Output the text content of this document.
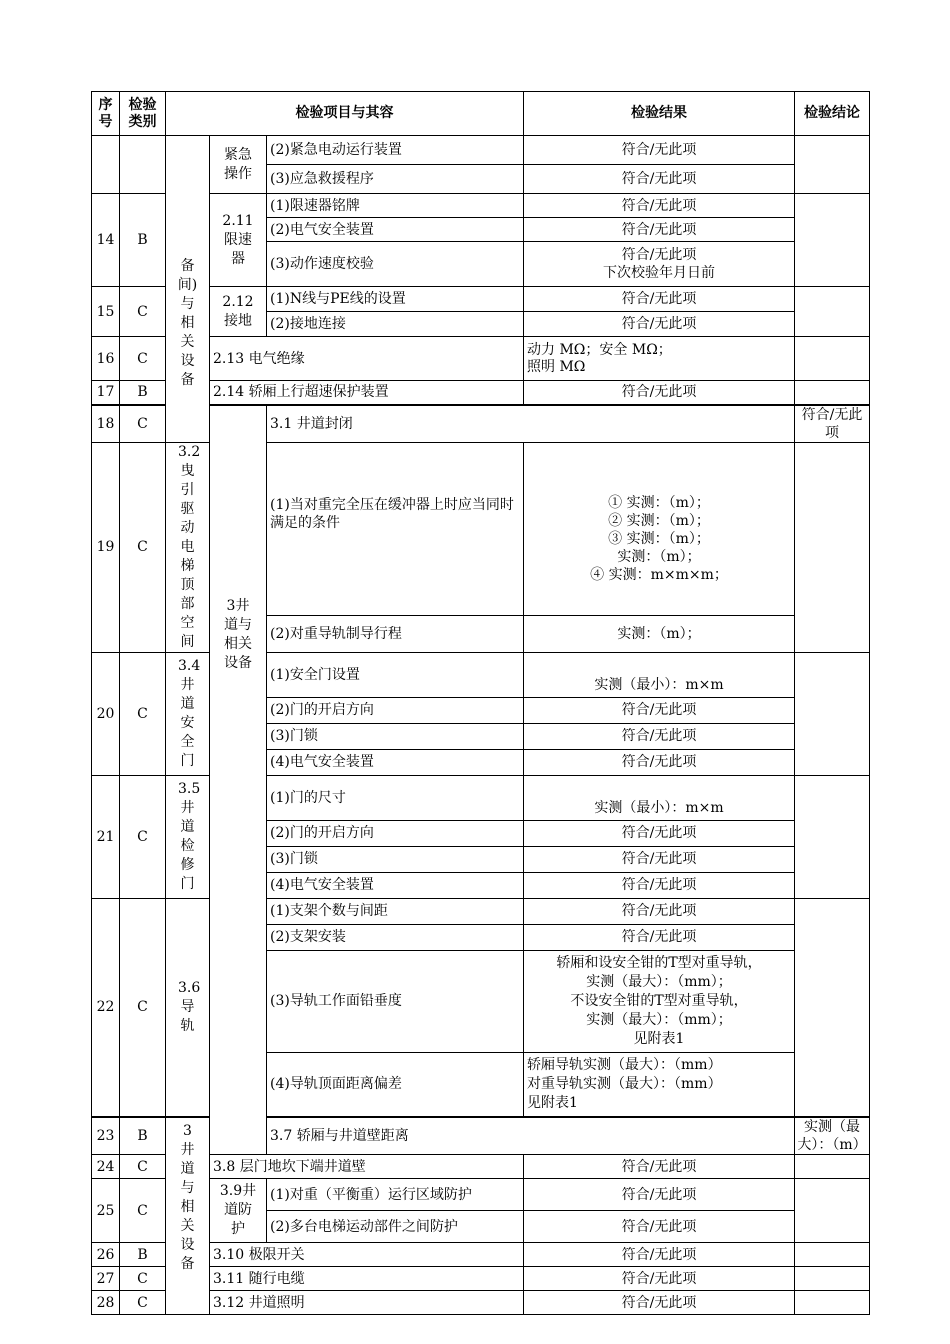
序号	检验类别	检验项目与其容			检验结果	检验结论	
		备间)与相关设备	紧急操作	(2)紧急电动运行装置	符合/无此项		
				(3)应急救援程序	符合/无此项		
14	B		2.11限速器	(1)限速器铭牌	符合/无此项		
				(2)电气安全装置	符合/无此项		
				(3)动作速度校验	符合/无此项
下次校验年月日前		
15	C		2.12接地	(1)N线与PE线的设置	符合/无此项		
				(2)接地连接	符合/无此项		
16	C		2.13 电气绝缘		动力 MΩ；安全 MΩ；
照明 MΩ		
17	B		2.14 轿厢上行超速保护装置		符合/无此项		
18	C		3井道与相关设备	3.1 井道封闭		符合/无此项	
19	C	3.2曳引驱动电梯顶部空间		(1)当对重完全压在缓冲器上时应当同时满足的条件	① 实测：（m）；
② 实测：（m）；
③ 实测：（m）；
实测：（m）；
④ 实测：m×m×m；		
				(2)对重导轨制导行程	实测：（m）；		
20	C	3.4井道安全门		(1)安全门设置	实测（最小）：m×m		
				(2)门的开启方向	符合/无此项		
				(3)门锁	符合/无此项		
				(4)电气安全装置	符合/无此项		
21	C	3.5井道检修门		(1)门的尺寸	实测（最小）：m×m		
				(2)门的开启方向	符合/无此项		
				(3)门锁	符合/无此项		
				(4)电气安全装置	符合/无此项		
22	C	3.6导轨		(1)支架个数与间距	符合/无此项		
				(2)支架安装	符合/无此项		
				(3)导轨工作面铅垂度	轿厢和设安全钳的T型对重导轨，
实测（最大）：（mm）；
不设安全钳的T型对重导轨，
实测（最大）：（mm）；
见附表1		
				(4)导轨顶面距离偏差	轿厢导轨实测（最大）：（mm）
对重导轨实测（最大）：（mm）
见附表1		
23	B	3井道与相关设备		3.7 轿厢与井道壁距离		实测（最大）：（m）	
24	C		3.8 层门地坎下端井道壁		符合/无此项		
25	C		3.9井道防护	(1)对重（平衡重）运行区域防护	符合/无此项		
				(2)多台电梯运动部件之间防护	符合/无此项		
26	B		3.10 极限开关		符合/无此项		
27	C		3.11 随行电缆		符合/无此项		
28	C		3.12 井道照明		符合/无此项		
